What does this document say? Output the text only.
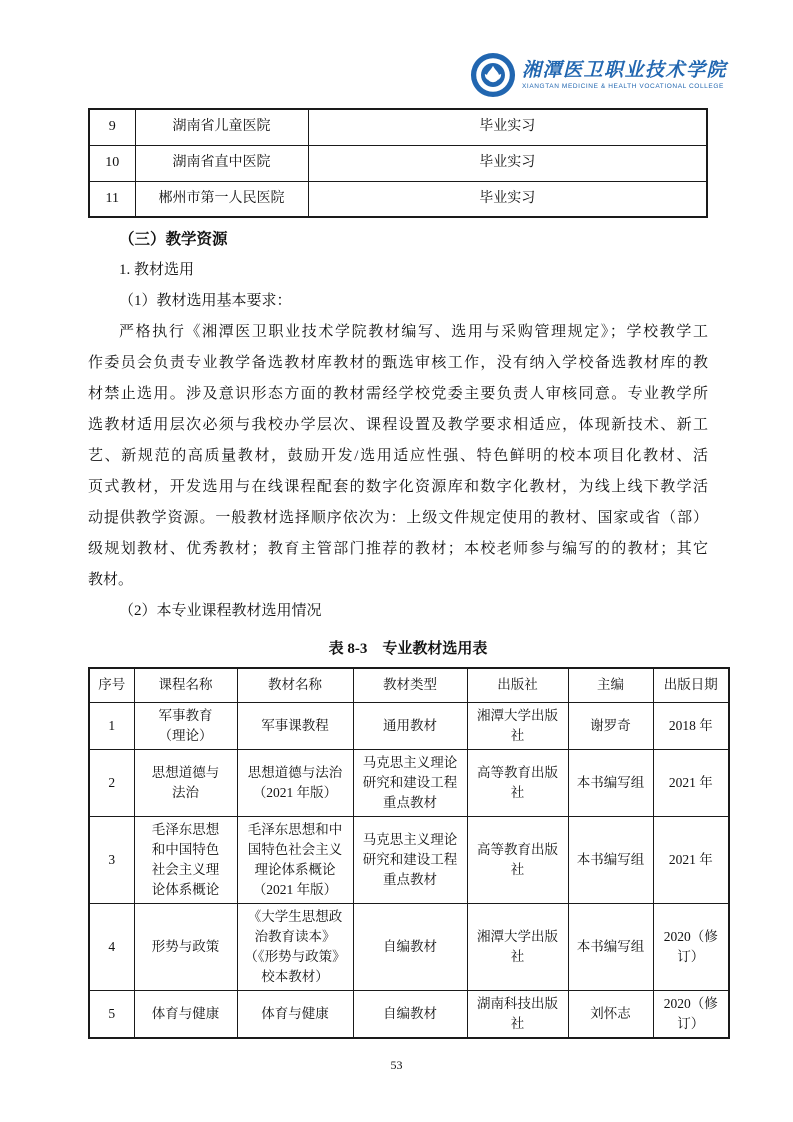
湘潭医卫职业技术学院
XIANGTAN MEDICINE & HEALTH VOCATIONAL COLLEGE
9	湖南省儿童医院	毕业实习
10	湖南省直中医院	毕业实习
11	郴州市第一人民医院	毕业实习
（三）教学资源
1. 教材选用
（1）教材选用基本要求：
严格执行《湘潭医卫职业技术学院教材编写、选用与采购管理规定》；学校教学工
作委员会负责专业教学备选教材库教材的甄选审核工作，没有纳入学校备选教材库的教
材禁止选用。涉及意识形态方面的教材需经学校党委主要负责人审核同意。专业教学所
选教材适用层次必须与我校办学层次、课程设置及教学要求相适应，体现新技术、新工
艺、新规范的高质量教材，鼓励开发/选用适应性强、特色鲜明的校本项目化教材、活
页式教材，开发选用与在线课程配套的数字化资源库和数字化教材，为线上线下教学活
动提供教学资源。一般教材选择顺序依次为：上级文件规定使用的教材、国家或省（部）
级规划教材、优秀教材；教育主管部门推荐的教材；本校老师参与编写的的教材；其它
教材。
（2）本专业课程教材选用情况
表 8-3　专业教材选用表
序号	课程名称	教材名称	教材类型	出版社	主编	出版日期
1	军事教育（理论）	军事课教程	通用教材	湘潭大学出版社	谢罗奇	2018 年
2	思想道德与法治	思想道德与法治（2021 年版）	马克思主义理论研究和建设工程重点教材	高等教育出版社	本书编写组	2021 年
3	毛泽东思想和中国特色社会主义理论体系概论	毛泽东思想和中国特色社会主义理论体系概论（2021 年版）	马克思主义理论研究和建设工程重点教材	高等教育出版社	本书编写组	2021 年
4	形势与政策	《大学生思想政治教育读本》（《形势与政策》校本教材）	自编教材	湘潭大学出版社	本书编写组	2020（修订）
5	体育与健康	体育与健康	自编教材	湖南科技出版社	刘怀志	2020（修订）
53
